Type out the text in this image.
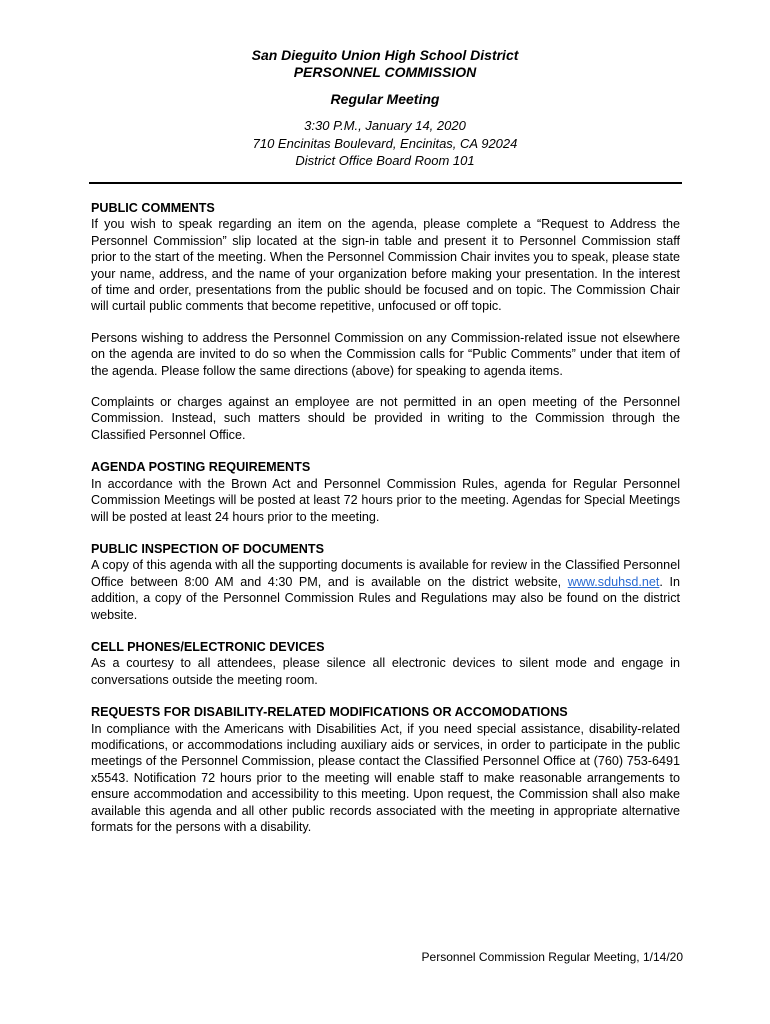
San Dieguito Union High School District
PERSONNEL COMMISSION
Regular Meeting
3:30 P.M., January 14, 2020
710 Encinitas Boulevard, Encinitas, CA 92024
District Office Board Room 101

PUBLIC COMMENTS

If you wish to speak regarding an item on the agenda, please complete a “Request to Address the Personnel Commission” slip located at the sign-in table and present it to Personnel Commission staff prior to the start of the meeting. When the Personnel Commission Chair invites you to speak, please state your name, address, and the name of your organization before making your presentation. In the interest of time and order, presentations from the public should be focused and on topic. The Commission Chair will curtail public comments that become repetitive, unfocused or off topic.

Persons wishing to address the Personnel Commission on any Commission-related issue not elsewhere on the agenda are invited to do so when the Commission calls for “Public Comments” under that item of the agenda. Please follow the same directions (above) for speaking to agenda items.

Complaints or charges against an employee are not permitted in an open meeting of the Personnel Commission. Instead, such matters should be provided in writing to the Commission through the Classified Personnel Office.

AGENDA POSTING REQUIREMENTS

In accordance with the Brown Act and Personnel Commission Rules, agenda for Regular Personnel Commission Meetings will be posted at least 72 hours prior to the meeting. Agendas for Special Meetings will be posted at least 24 hours prior to the meeting.

PUBLIC INSPECTION OF DOCUMENTS

A copy of this agenda with all the supporting documents is available for review in the Classified Personnel Office between 8:00 AM and 4:30 PM, and is available on the district website, www.sduhsd.net. In addition, a copy of the Personnel Commission Rules and Regulations may also be found on the district website.

CELL PHONES/ELECTRONIC DEVICES

As a courtesy to all attendees, please silence all electronic devices to silent mode and engage in conversations outside the meeting room.

REQUESTS FOR DISABILITY-RELATED MODIFICATIONS OR ACCOMODATIONS

In compliance with the Americans with Disabilities Act, if you need special assistance, disability-related modifications, or accommodations including auxiliary aids or services, in order to participate in the public meetings of the Personnel Commission, please contact the Classified Personnel Office at (760) 753-6491 x5543. Notification 72 hours prior to the meeting will enable staff to make reasonable arrangements to ensure accommodation and accessibility to this meeting. Upon request, the Commission shall also make available this agenda and all other public records associated with the meeting in appropriate alternative formats for the persons with a disability.

Personnel Commission Regular Meeting, 1/14/20
